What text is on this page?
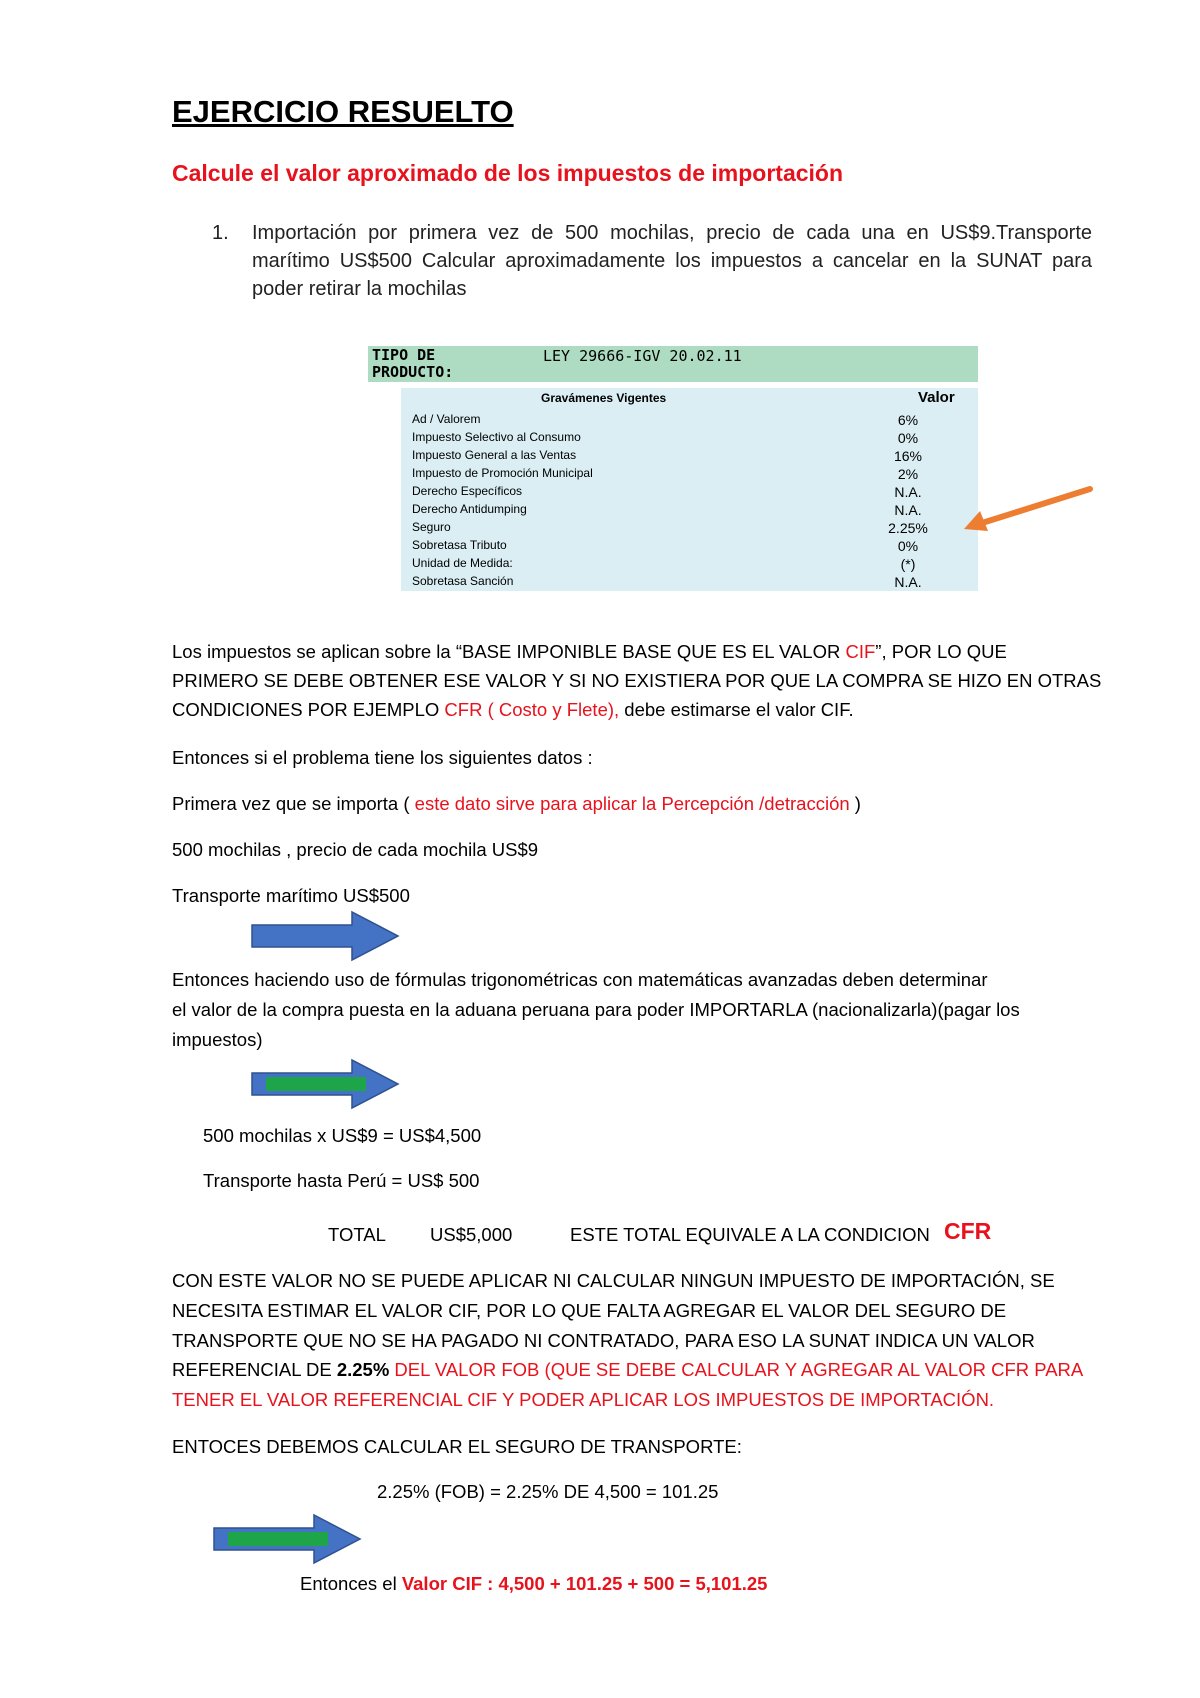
EJERCICIO RESUELTO
Calcule el valor aproximado de los impuestos de importación
1. Importación por primera vez de 500 mochilas, precio de cada una en US$9.Transporte marítimo US$500 Calcular aproximadamente los impuestos a cancelar en la SUNAT para poder retirar la mochilas
TIPO DE PRODUCTO:
LEY 29666-IGV 20.02.11
Gravámenes Vigentes	Valor
Ad / Valorem	6%
Impuesto Selectivo al Consumo	0%
Impuesto General a las Ventas	16%
Impuesto de Promoción Municipal	2%
Derecho Específicos	N.A.
Derecho Antidumping	N.A.
Seguro	2.25%
Sobretasa Tributo	0%
Unidad de Medida:	(*)
Sobretasa Sanción	N.A.
Los impuestos se aplican sobre la “BASE IMPONIBLE BASE QUE ES EL VALOR CIF”, POR LO QUE
PRIMERO SE DEBE OBTENER ESE VALOR Y SI NO EXISTIERA POR QUE LA COMPRA SE HIZO EN OTRAS
CONDICIONES POR EJEMPLO CFR ( Costo y Flete), debe estimarse el valor CIF.
Entonces si el problema tiene los siguientes datos :
Primera vez que se importa ( este dato sirve para aplicar la Percepción /detracción )
500 mochilas , precio de cada mochila US$9
Transporte marítimo US$500
Entonces haciendo uso de fórmulas trigonométricas con matemáticas avanzadas deben determinar
el valor de la compra puesta en la aduana peruana para poder IMPORTARLA (nacionalizarla)(pagar los
impuestos)
500 mochilas x US$9 = US$4,500
Transporte hasta Perú = US$ 500
TOTAL US$5,000	ESTE TOTAL EQUIVALE A LA CONDICION CFR
CON ESTE VALOR NO SE PUEDE APLICAR NI CALCULAR NINGUN IMPUESTO DE IMPORTACIÓN, SE
NECESITA ESTIMAR EL VALOR CIF, POR LO QUE FALTA AGREGAR EL VALOR DEL SEGURO DE
TRANSPORTE QUE NO SE HA PAGADO NI CONTRATADO, PARA ESO LA SUNAT INDICA UN VALOR
REFERENCIAL DE 2.25% DEL VALOR FOB (QUE SE DEBE CALCULAR Y AGREGAR AL VALOR CFR PARA
TENER EL VALOR REFERENCIAL CIF Y PODER APLICAR LOS IMPUESTOS DE IMPORTACIÓN.
ENTOCES DEBEMOS CALCULAR EL SEGURO DE TRANSPORTE:
2.25% (FOB) = 2.25% DE 4,500 = 101.25
Entonces el Valor CIF : 4,500 + 101.25 + 500 = 5,101.25
